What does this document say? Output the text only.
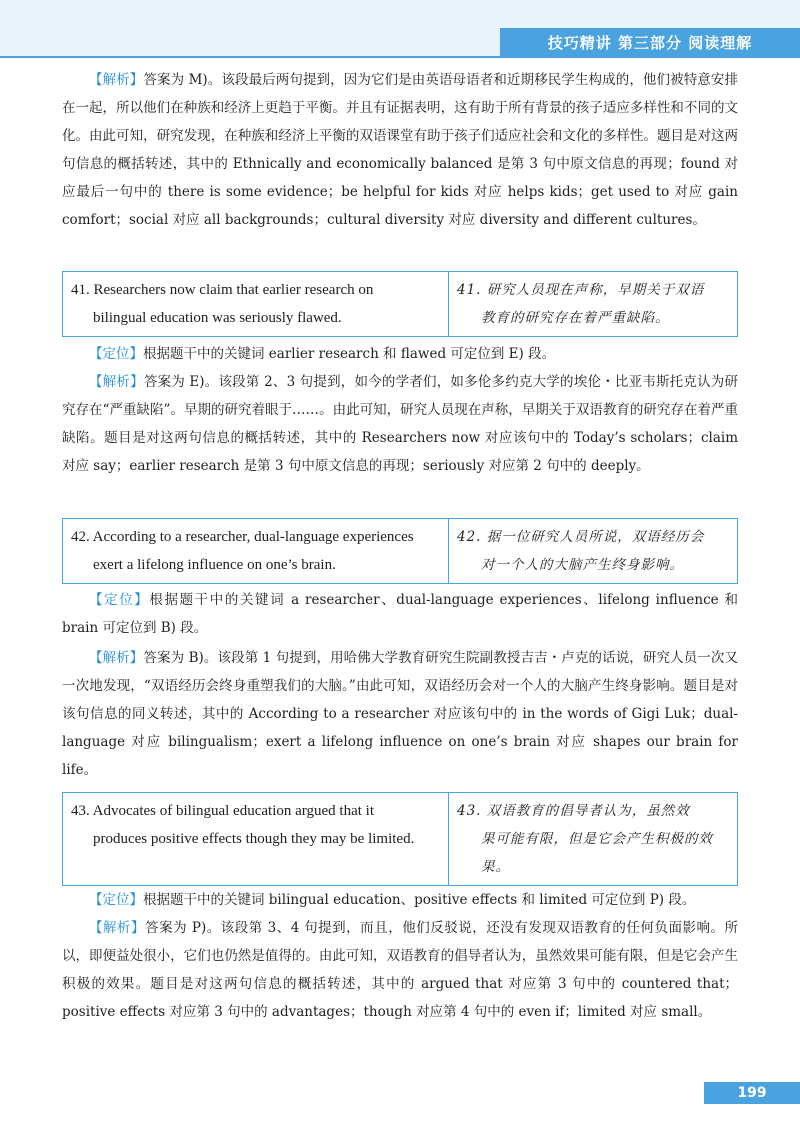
技巧精讲 第三部分 阅读理解

【解析】答案为 M)。该段最后两句提到，因为它们是由英语母语者和近期移民学生构成的，他们被特意安排在一起，所以他们在种族和经济上更趋于平衡。并且有证据表明，这有助于所有背景的孩子适应多样性和不同的文化。由此可知，研究发现，在种族和经济上平衡的双语课堂有助于孩子们适应社会和文化的多样性。题目是对这两句信息的概括转述，其中的 Ethnically and economically balanced 是第 3 句中原文信息的再现；found 对应最后一句中的 there is some evidence；be helpful for kids 对应 helps kids；get used to 对应 gain comfort；social 对应 all backgrounds；cultural diversity 对应 diversity and different cultures。

41. Researchers now claim that earlier research on
bilingual education was seriously flawed.
41. 研究人员现在声称，早期关于双语
教育的研究存在着严重缺陷。

【定位】根据题干中的关键词 earlier research 和 flawed 可定位到 E) 段。

【解析】答案为 E)。该段第 2、3 句提到，如今的学者们，如多伦多约克大学的埃伦・比亚韦斯托克认为研究存在“严重缺陷”。早期的研究着眼于……。由此可知，研究人员现在声称，早期关于双语教育的研究存在着严重缺陷。题目是对这两句信息的概括转述，其中的 Researchers now 对应该句中的 Today’s scholars；claim 对应 say；earlier research 是第 3 句中原文信息的再现；seriously 对应第 2 句中的 deeply。

42. According to a researcher, dual-language experiences
exert a lifelong influence on one’s brain.
42. 据一位研究人员所说，双语经历会
对一个人的大脑产生终身影响。

【定位】根据题干中的关键词 a researcher、dual-language experiences、lifelong influence 和 brain 可定位到 B) 段。

【解析】答案为 B)。该段第 1 句提到，用哈佛大学教育研究生院副教授吉吉・卢克的话说，研究人员一次又一次地发现，“双语经历会终身重塑我们的大脑。”由此可知，双语经历会对一个人的大脑产生终身影响。题目是对该句信息的同义转述，其中的 According to a researcher 对应该句中的 in the words of Gigi Luk；dual-language 对应 bilingualism；exert a lifelong influence on one’s brain 对应 shapes our brain for life。

43. Advocates of bilingual education argued that it
produces positive effects though they may be limited.
43. 双语教育的倡导者认为，虽然效
果可能有限，但是它会产生积极的效果。

【定位】根据题干中的关键词 bilingual education、positive effects 和 limited 可定位到 P) 段。

【解析】答案为 P)。该段第 3、4 句提到，而且，他们反驳说，还没有发现双语教育的任何负面影响。所以，即便益处很小，它们也仍然是值得的。由此可知，双语教育的倡导者认为，虽然效果可能有限，但是它会产生积极的效果。题目是对这两句信息的概括转述，其中的 argued that 对应第 3 句中的 countered that；positive effects 对应第 3 句中的 advantages；though 对应第 4 句中的 even if；limited 对应 small。

199
